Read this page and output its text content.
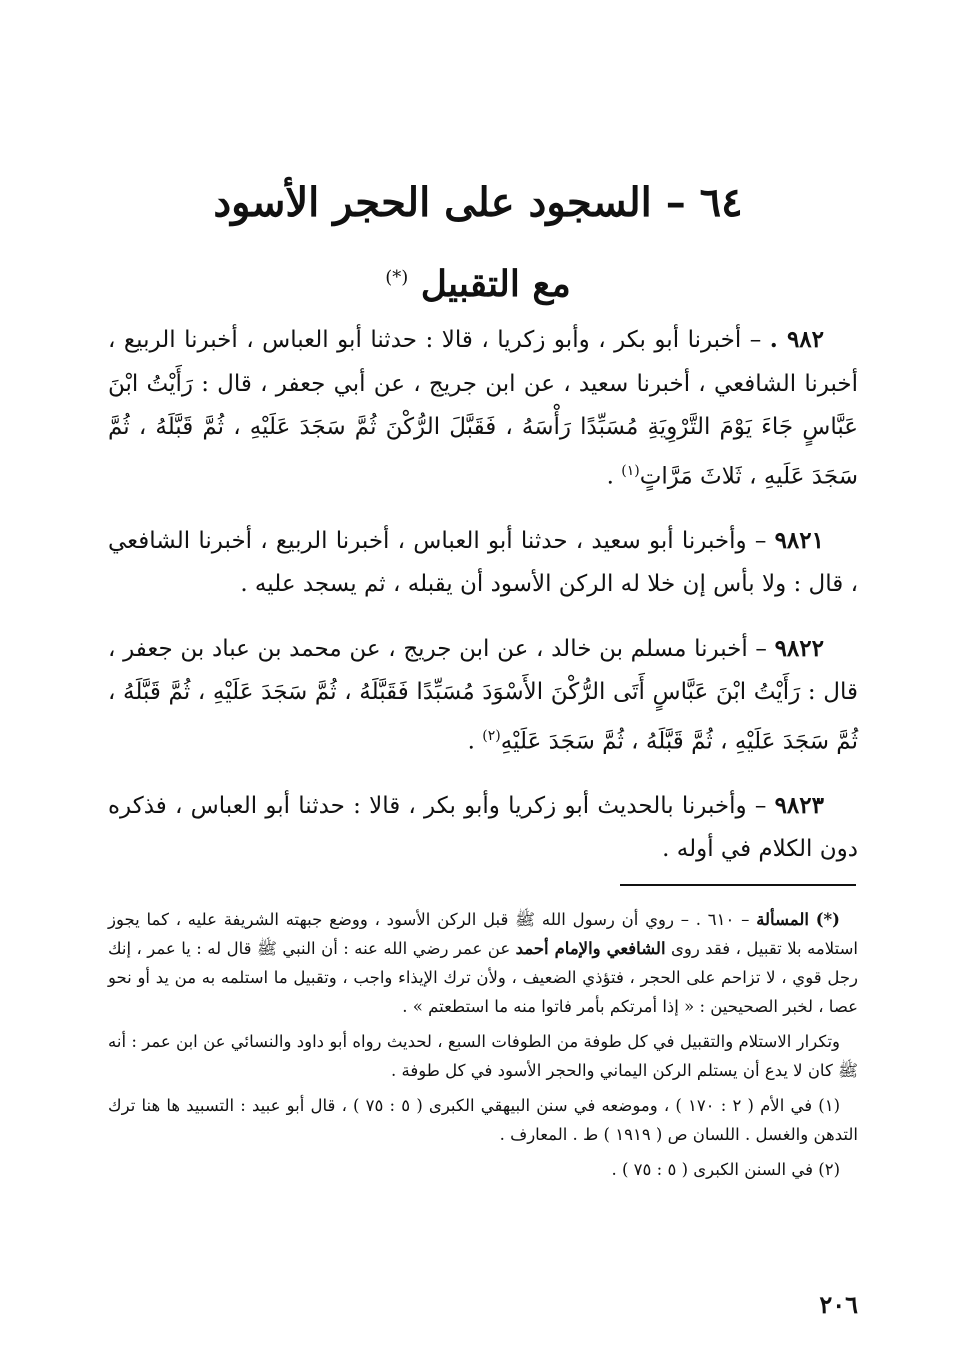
٦٤ – السجود على الحجر الأسود
مع التقبيل (*)

٩٨٢ . – أخبرنا أبو بكر ، وأبو زكريا ، قالا : حدثنا أبو العباس ، أخبرنا الربيع ، أخبرنا الشافعي ، أخبرنا سعيد ، عن ابن جريج ، عن أبي جعفر ، قال : رَأَيْتُ ابْنَ عَبَّاسٍ جَاءَ يَوْمَ التَّرْوِيَةِ مُسَبِّدًا رَأْسَهُ ، فَقَبَّلَ الرُّكْنَ ثُمَّ سَجَدَ عَلَيْهِ ، ثُمَّ قَبَّلَهُ ، ثُمَّ سَجَدَ عَلَيهِ ، ثَلاثَ مَرَّاتٍ$^{(١)}$ .

٩٨٢١ – وأخبرنا أبو سعيد ، حدثنا أبو العباس ، أخبرنا الربيع ، أخبرنا الشافعي ، قال : ولا بأس إن خلا له الركن الأسود أن يقبله ، ثم يسجد عليه .

٩٨٢٢ – أخبرنا مسلم بن خالد ، عن ابن جريج ، عن محمد بن عباد بن جعفر ، قال : رَأَيْتُ ابْنَ عَبَّاسٍ أَتَى الرُّكْنَ الأَسْوَدَ مُسَبِّدًا فَقَبَّلَهُ ، ثُمَّ سَجَدَ عَلَيْهِ ، ثُمَّ قَبَّلَهُ ، ثُمَّ سَجَدَ عَلَيْهِ ، ثُمَّ قَبَّلَهُ ، ثُمَّ سَجَدَ عَلَيْهِ$^{(٢)}$ .

٩٨٢٣ – وأخبرنا بالحديث أبو زكريا وأبو بكر ، قالا : حدثنا أبو العباس ، فذكره دون الكلام في أوله .

(*) المسألة – ٦١٠ . – روي أن رسول الله ﷺ قبل الركن الأسود ، ووضع جبهته الشريفة عليه ، كما يجوز استلامه بلا تقبيل ، فقد روى الشافعي والإمام أحمد عن عمر رضي الله عنه : أن النبي ﷺ قال له : يا عمر ، إنك رجل قوي ، لا تزاحم على الحجر ، فتؤذي الضعيف ، ولأن ترك الإيذاء واجب ، وتقبيل ما استلمه به من يد أو نحو عصا ، لخبر الصحيحين : « إذا أمرتكم بأمر فاتوا منه ما استطعتم » .

وتكرار الاستلام والتقبيل في كل طوفة من الطوفات السبع ، لحديث رواه أبو داود والنسائي عن ابن عمر : أنه ﷺ كان لا يدع أن يستلم الركن اليماني والحجر الأسود في كل طوفة .

(١) في الأم ( ٢ : ١٧٠ ) ، وموضعه في سنن البيهقي الكبرى ( ٥ : ٧٥ ) ، قال أبو عبيد : التسبيد ها هنا ترك التدهن والغسل . اللسان ص ( ١٩١٩ ) ط . المعارف .

(٢) في السنن الكبرى ( ٥ : ٧٥ ) .

٢٠٦
